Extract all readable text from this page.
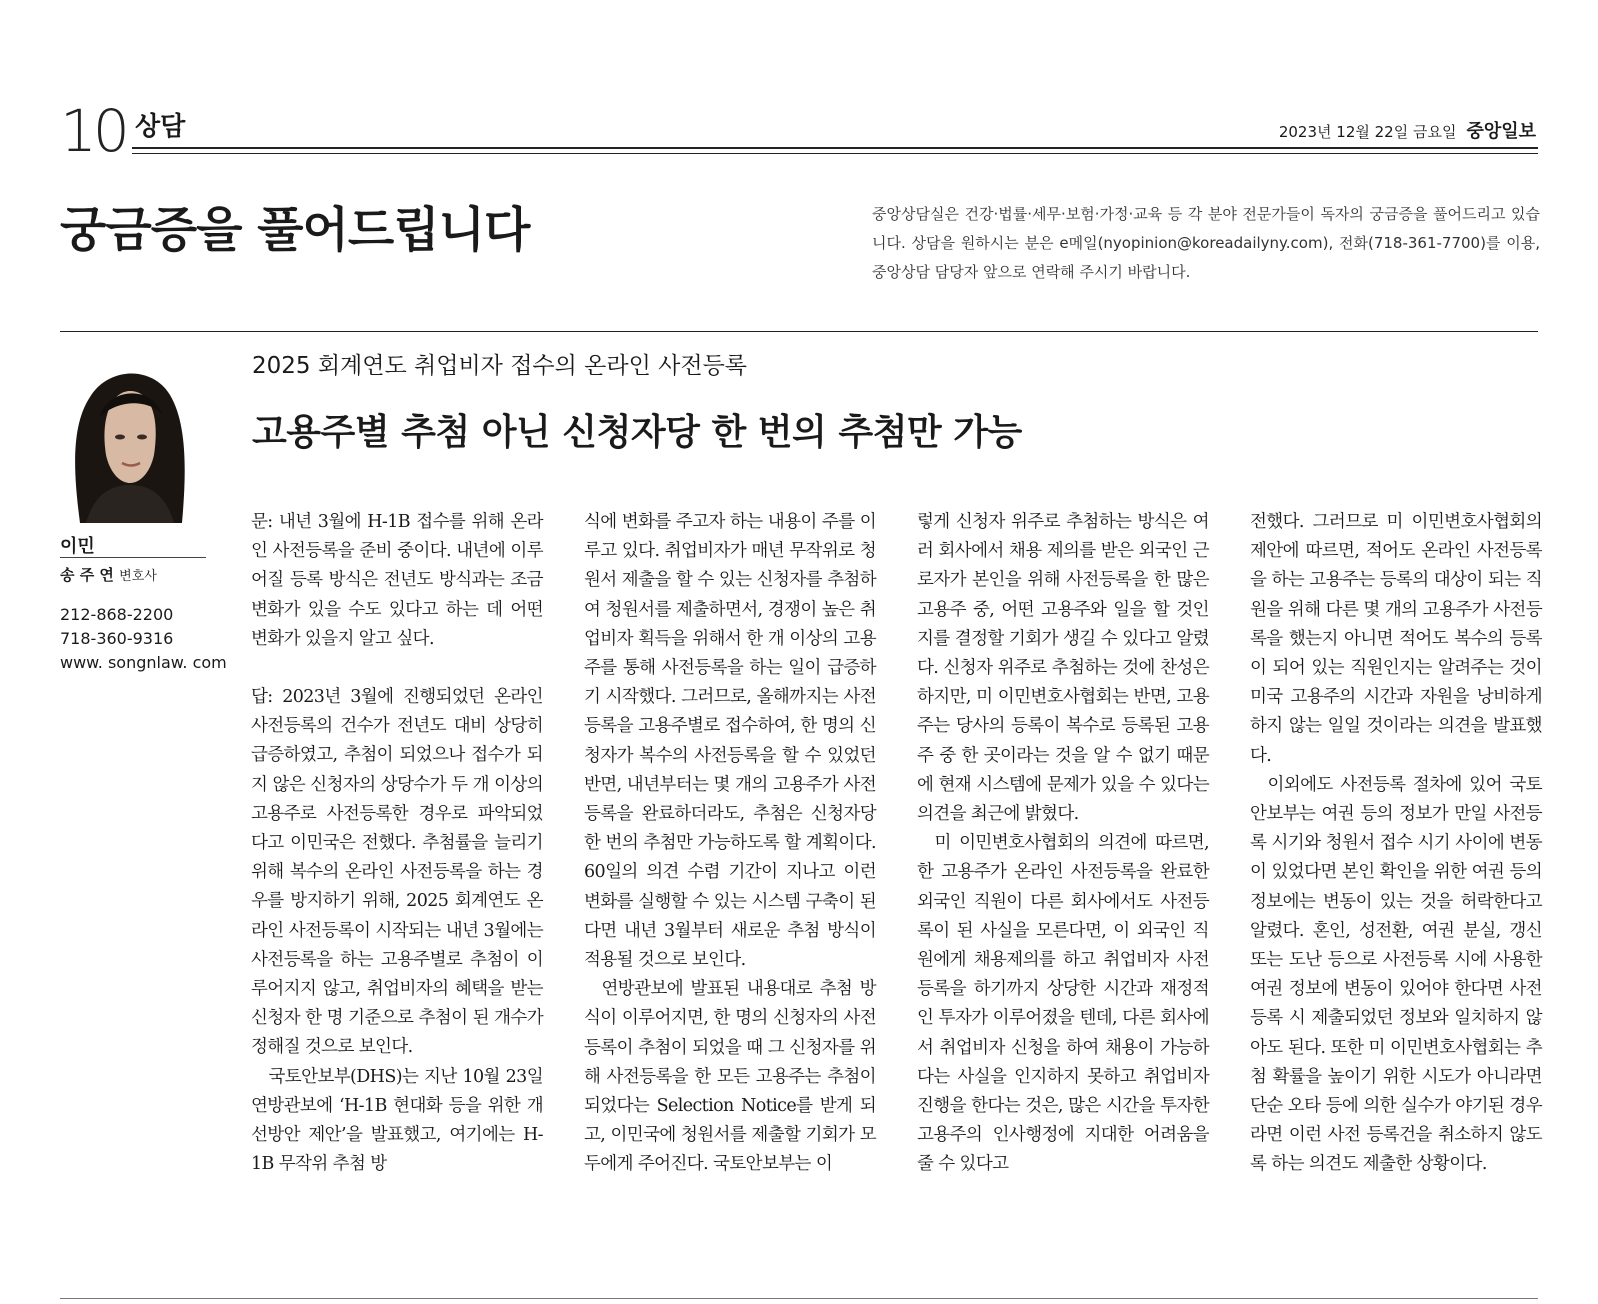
10 상담	2023년 12월 22일 금요일 중앙일보
궁금증을 풀어드립니다	중앙상담실은 건강·법률·세무·보험·가정·교육 등 각 분야 전문가들이 독자의 궁금증을 풀어드리고 있습니다. 상담을 원하시는 분은 e메일(nyopinion@koreadailyny.com), 전화(718-361-7700)를 이용, 중앙상담 담당자 앞으로 연락해 주시기 바랍니다.
이민
송 주 연 변호사
212-868-2200
718-360-9316
www. songnlaw. com
2025 회계연도 취업비자 접수의 온라인 사전등록
고용주별 추첨 아닌 신청자당 한 번의 추첨만 가능

문: 내년 3월에 H-1B 접수를 위해 온라인 사전등록을 준비 중이다. 내년에 이루어질 등록 방식은 전년도 방식과는 조금 변화가 있을 수도 있다고 하는 데 어떤 변화가 있을지 알고 싶다.

답: 2023년 3월에 진행되었던 온라인 사전등록의 건수가 전년도 대비 상당히 급증하였고, 추첨이 되었으나 접수가 되지 않은 신청자의 상당수가 두 개 이상의 고용주로 사전등록한 경우로 파악되었다고 이민국은 전했다. 추첨률을 늘리기 위해 복수의 온라인 사전등록을 하는 경우를 방지하기 위해, 2025 회계연도 온라인 사전등록이 시작되는 내년 3월에는 사전등록을 하는 고용주별로 추첨이 이루어지지 않고, 취업비자의 혜택을 받는 신청자 한 명 기준으로 추첨이 된 개수가 정해질 것으로 보인다.

국토안보부(DHS)는 지난 10월 23일 연방관보에 ‘H-1B 현대화 등을 위한 개선방안 제안’을 발표했고, 여기에는 H-1B 무작위 추첨 방

식에 변화를 주고자 하는 내용이 주를 이루고 있다. 취업비자가 매년 무작위로 청원서 제출을 할 수 있는 신청자를 추첨하여 청원서를 제출하면서, 경쟁이 높은 취업비자 획득을 위해서 한 개 이상의 고용주를 통해 사전등록을 하는 일이 급증하기 시작했다. 그러므로, 올해까지는 사전등록을 고용주별로 접수하여, 한 명의 신청자가 복수의 사전등록을 할 수 있었던 반면, 내년부터는 몇 개의 고용주가 사전등록을 완료하더라도, 추첨은 신청자당 한 번의 추첨만 가능하도록 할 계획이다. 60일의 의견 수렴 기간이 지나고 이런 변화를 실행할 수 있는 시스템 구축이 된다면 내년 3월부터 새로운 추첨 방식이 적용될 것으로 보인다.

연방관보에 발표된 내용대로 추첨 방식이 이루어지면, 한 명의 신청자의 사전등록이 추첨이 되었을 때 그 신청자를 위해 사전등록을 한 모든 고용주는 추첨이 되었다는 Selection Notice를 받게 되고, 이민국에 청원서를 제출할 기회가 모두에게 주어진다. 국토안보부는 이

렇게 신청자 위주로 추첨하는 방식은 여러 회사에서 채용 제의를 받은 외국인 근로자가 본인을 위해 사전등록을 한 많은 고용주 중, 어떤 고용주와 일을 할 것인지를 결정할 기회가 생길 수 있다고 알렸다. 신청자 위주로 추첨하는 것에 찬성은 하지만, 미 이민변호사협회는 반면, 고용주는 당사의 등록이 복수로 등록된 고용주 중 한 곳이라는 것을 알 수 없기 때문에 현재 시스템에 문제가 있을 수 있다는 의견을 최근에 밝혔다.

미 이민변호사협회의 의견에 따르면, 한 고용주가 온라인 사전등록을 완료한 외국인 직원이 다른 회사에서도 사전등록이 된 사실을 모른다면, 이 외국인 직원에게 채용제의를 하고 취업비자 사전등록을 하기까지 상당한 시간과 재정적인 투자가 이루어졌을 텐데, 다른 회사에서 취업비자 신청을 하여 채용이 가능하다는 사실을 인지하지 못하고 취업비자 진행을 한다는 것은, 많은 시간을 투자한 고용주의 인사행정에 지대한 어려움을 줄 수 있다고

전했다. 그러므로 미 이민변호사협회의 제안에 따르면, 적어도 온라인 사전등록을 하는 고용주는 등록의 대상이 되는 직원을 위해 다른 몇 개의 고용주가 사전등록을 했는지 아니면 적어도 복수의 등록이 되어 있는 직원인지는 알려주는 것이 미국 고용주의 시간과 자원을 낭비하게 하지 않는 일일 것이라는 의견을 발표했다.

이외에도 사전등록 절차에 있어 국토안보부는 여권 등의 정보가 만일 사전등록 시기와 청원서 접수 시기 사이에 변동이 있었다면 본인 확인을 위한 여권 등의 정보에는 변동이 있는 것을 허락한다고 알렸다. 혼인, 성전환, 여권 분실, 갱신 또는 도난 등으로 사전등록 시에 사용한 여권 정보에 변동이 있어야 한다면 사전등록 시 제출되었던 정보와 일치하지 않아도 된다. 또한 미 이민변호사협회는 추첨 확률을 높이기 위한 시도가 아니라면 단순 오타 등에 의한 실수가 야기된 경우라면 이런 사전 등록건을 취소하지 않도록 하는 의견도 제출한 상황이다.
